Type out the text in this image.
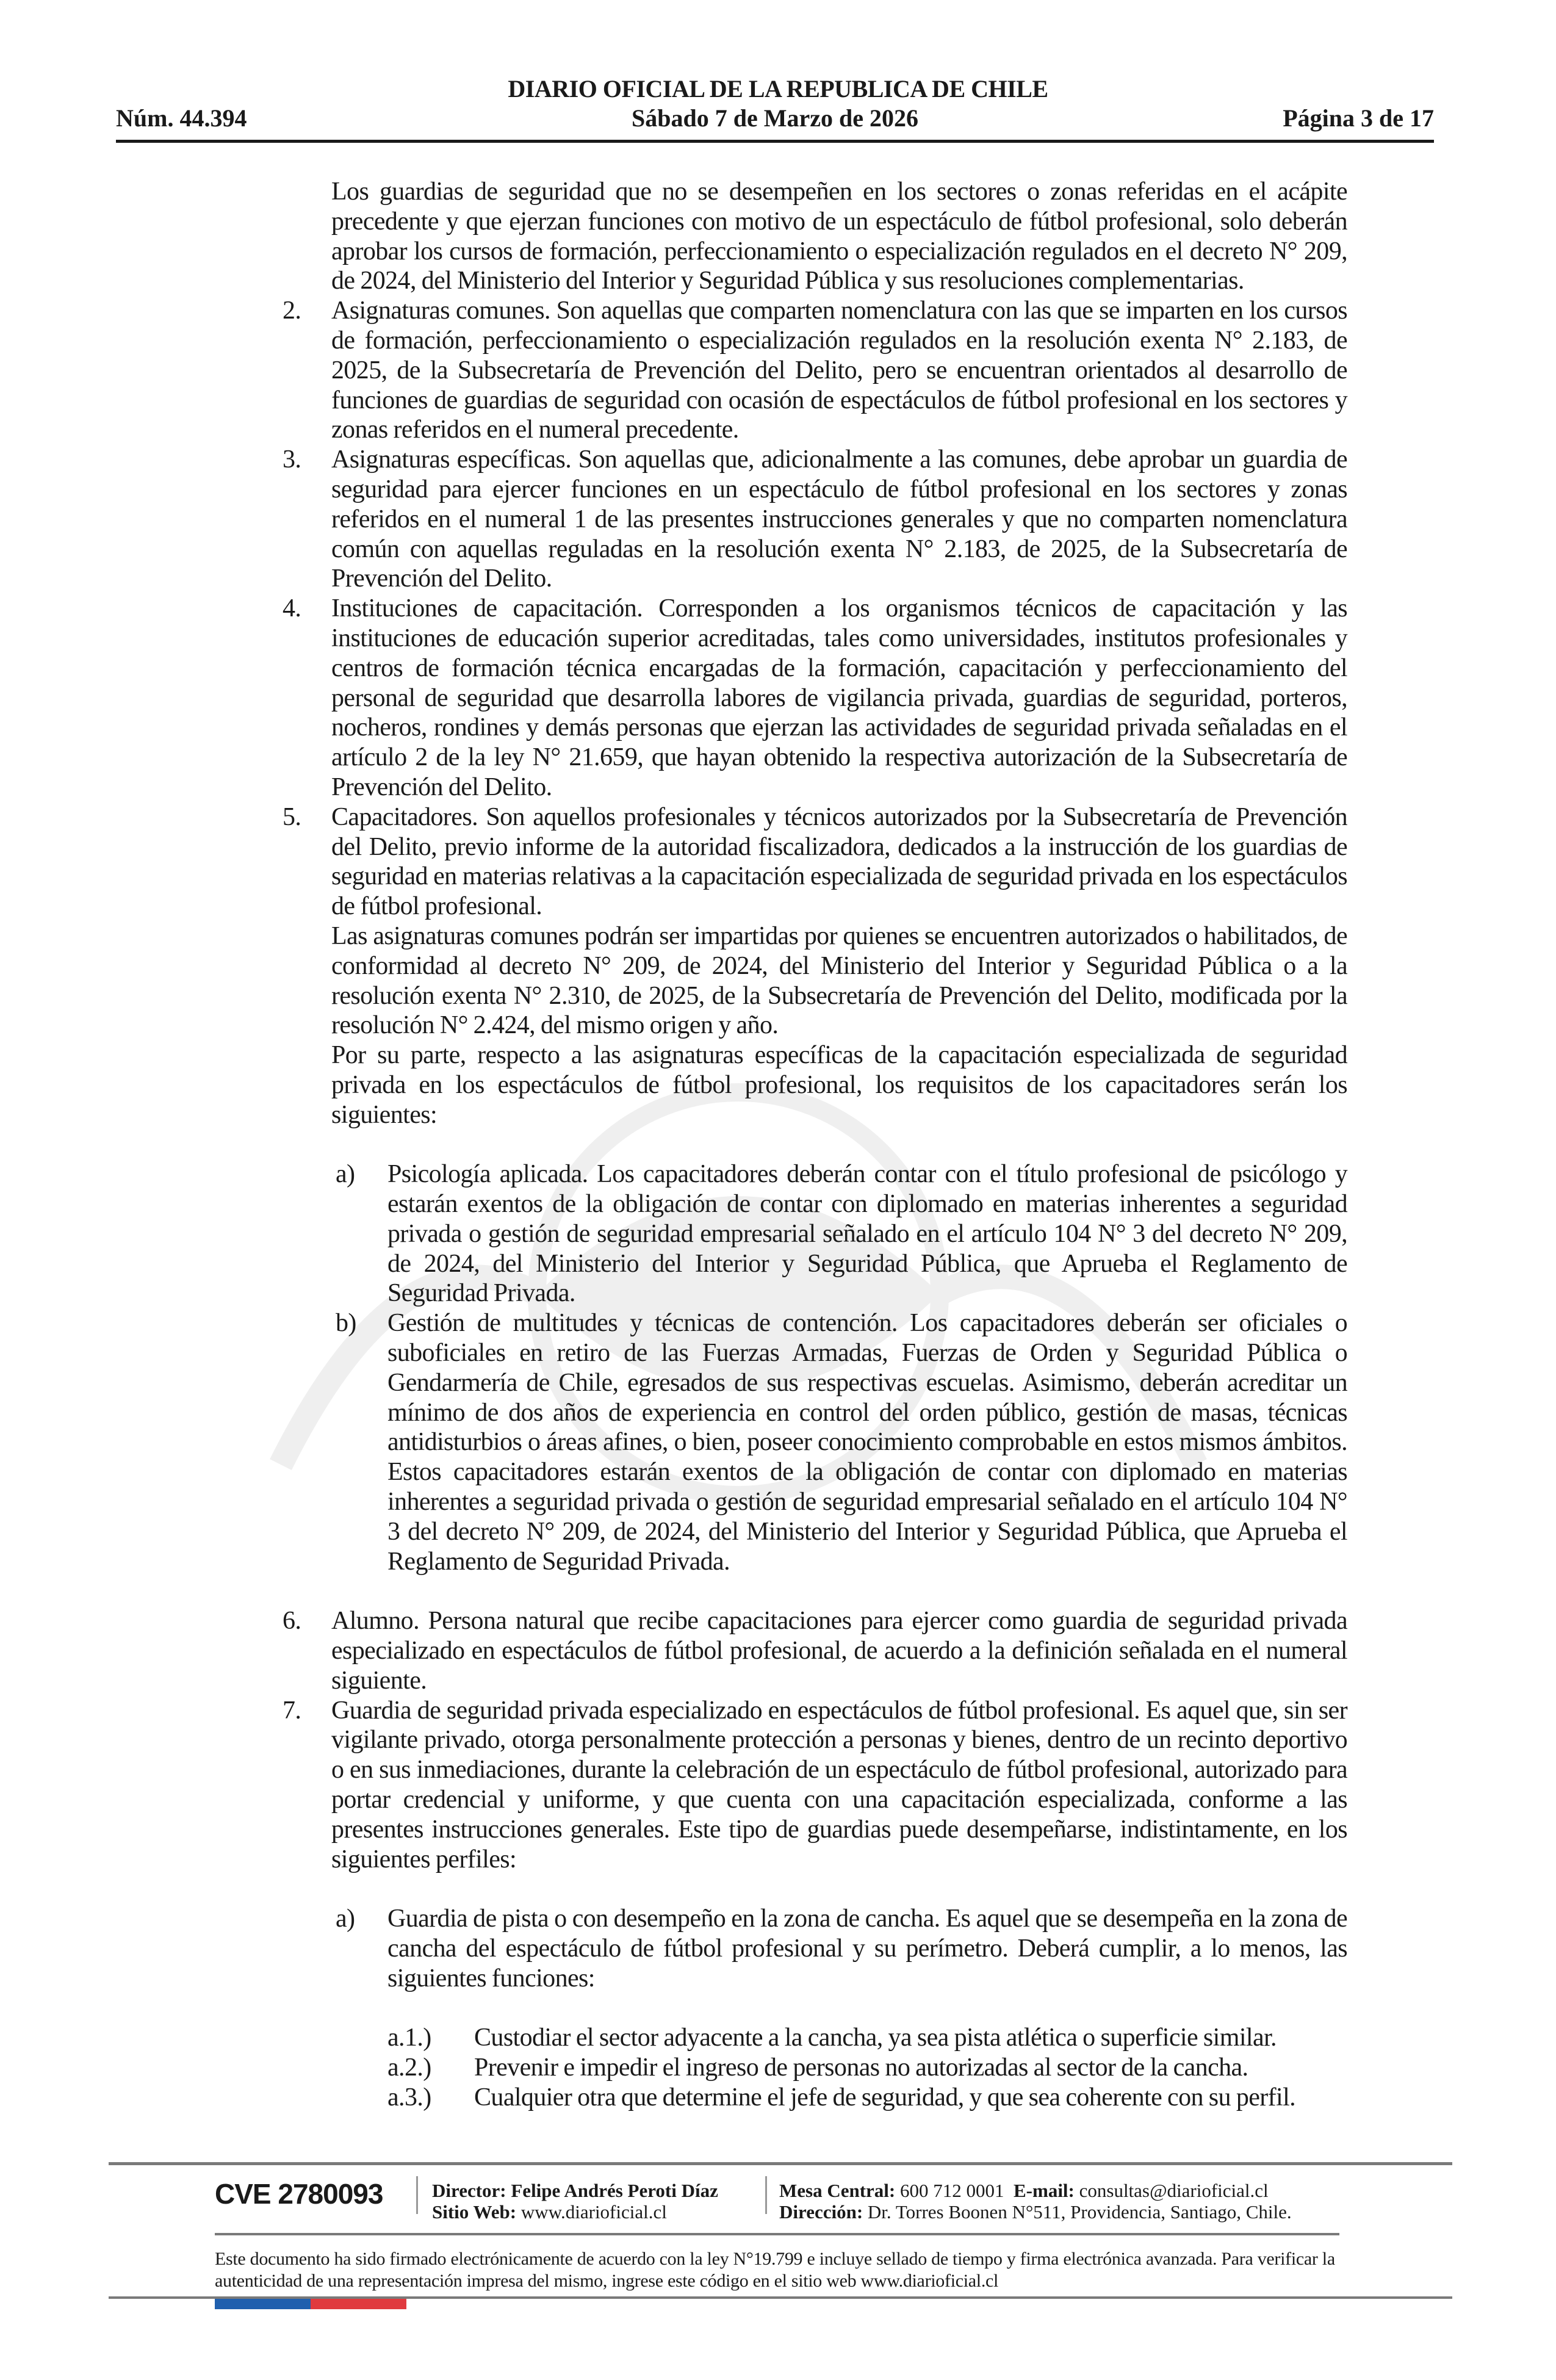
DIARIO OFICIAL DE LA REPUBLICA DE CHILE
Sábado 7 de Marzo de 2026
Núm. 44.394	Página 3 de 17

Los guardias de seguridad que no se desempeñen en los sectores o zonas referidas en el acápite precedente y que ejerzan funciones con motivo de un espectáculo de fútbol profesional, solo deberán aprobar los cursos de formación, perfeccionamiento o especialización regulados en el decreto N° 209, de 2024, del Ministerio del Interior y Seguridad Pública y sus resoluciones complementarias.

2. Asignaturas comunes. Son aquellas que comparten nomenclatura con las que se imparten en los cursos de formación, perfeccionamiento o especialización regulados en la resolución exenta N° 2.183, de 2025, de la Subsecretaría de Prevención del Delito, pero se encuentran orientados al desarrollo de funciones de guardias de seguridad con ocasión de espectáculos de fútbol profesional en los sectores y zonas referidos en el numeral precedente.
3. Asignaturas específicas. Son aquellas que, adicionalmente a las comunes, debe aprobar un guardia de seguridad para ejercer funciones en un espectáculo de fútbol profesional en los sectores y zonas referidos en el numeral 1 de las presentes instrucciones generales y que no comparten nomenclatura común con aquellas reguladas en la resolución exenta N° 2.183, de 2025, de la Subsecretaría de Prevención del Delito.
4. Instituciones de capacitación. Corresponden a los organismos técnicos de capacitación y las instituciones de educación superior acreditadas, tales como universidades, institutos profesionales y centros de formación técnica encargadas de la formación, capacitación y perfeccionamiento del personal de seguridad que desarrolla labores de vigilancia privada, guardias de seguridad, porteros, nocheros, rondines y demás personas que ejerzan las actividades de seguridad privada señaladas en el artículo 2 de la ley N° 21.659, que hayan obtenido la respectiva autorización de la Subsecretaría de Prevención del Delito.
5. Capacitadores. Son aquellos profesionales y técnicos autorizados por la Subsecretaría de Prevención del Delito, previo informe de la autoridad fiscalizadora, dedicados a la instrucción de los guardias de seguridad en materias relativas a la capacitación especializada de seguridad privada en los espectáculos de fútbol profesional.

Las asignaturas comunes podrán ser impartidas por quienes se encuentren autorizados o habilitados, de conformidad al decreto N° 209, de 2024, del Ministerio del Interior y Seguridad Pública o a la resolución exenta N° 2.310, de 2025, de la Subsecretaría de Prevención del Delito, modificada por la resolución N° 2.424, del mismo origen y año.

Por su parte, respecto a las asignaturas específicas de la capacitación especializada de seguridad privada en los espectáculos de fútbol profesional, los requisitos de los capacitadores serán los siguientes:

a) Psicología aplicada. Los capacitadores deberán contar con el título profesional de psicólogo y estarán exentos de la obligación de contar con diplomado en materias inherentes a seguridad privada o gestión de seguridad empresarial señalado en el artículo 104 N° 3 del decreto N° 209, de 2024, del Ministerio del Interior y Seguridad Pública, que Aprueba el Reglamento de Seguridad Privada.
b) Gestión de multitudes y técnicas de contención. Los capacitadores deberán ser oficiales o suboficiales en retiro de las Fuerzas Armadas, Fuerzas de Orden y Seguridad Pública o Gendarmería de Chile, egresados de sus respectivas escuelas. Asimismo, deberán acreditar un mínimo de dos años de experiencia en control del orden público, gestión de masas, técnicas antidisturbios o áreas afines, o bien, poseer conocimiento comprobable en estos mismos ámbitos. Estos capacitadores estarán exentos de la obligación de contar con diplomado en materias inherentes a seguridad privada o gestión de seguridad empresarial señalado en el artículo 104 N° 3 del decreto N° 209, de 2024, del Ministerio del Interior y Seguridad Pública, que Aprueba el Reglamento de Seguridad Privada.
6. Alumno. Persona natural que recibe capacitaciones para ejercer como guardia de seguridad privada especializado en espectáculos de fútbol profesional, de acuerdo a la definición señalada en el numeral siguiente.
7. Guardia de seguridad privada especializado en espectáculos de fútbol profesional. Es aquel que, sin ser vigilante privado, otorga personalmente protección a personas y bienes, dentro de un recinto deportivo o en sus inmediaciones, durante la celebración de un espectáculo de fútbol profesional, autorizado para portar credencial y uniforme, y que cuenta con una capacitación especializada, conforme a las presentes instrucciones generales. Este tipo de guardias puede desempeñarse, indistintamente, en los siguientes perfiles:
a) Guardia de pista o con desempeño en la zona de cancha. Es aquel que se desempeña en la zona de cancha del espectáculo de fútbol profesional y su perímetro. Deberá cumplir, a lo menos, las siguientes funciones:
a.1.) Custodiar el sector adyacente a la cancha, ya sea pista atlética o superficie similar.
a.2.) Prevenir e impedir el ingreso de personas no autorizadas al sector de la cancha.
a.3.) Cualquier otra que determine el jefe de seguridad, y que sea coherente con su perfil.
CVE 2780093	Director: Felipe Andrés Peroti Díaz
Sitio Web: www.diarioficial.cl
Mesa Central: 600 712 0001 E-mail: consultas@diarioficial.cl
Dirección: Dr. Torres Boonen N°511, Providencia, Santiago, Chile.
Este documento ha sido firmado electrónicamente de acuerdo con la ley N°19.799 e incluye sellado de tiempo y firma electrónica avanzada. Para verificar la autenticidad de una representación impresa del mismo, ingrese este código en el sitio web www.diarioficial.cl
